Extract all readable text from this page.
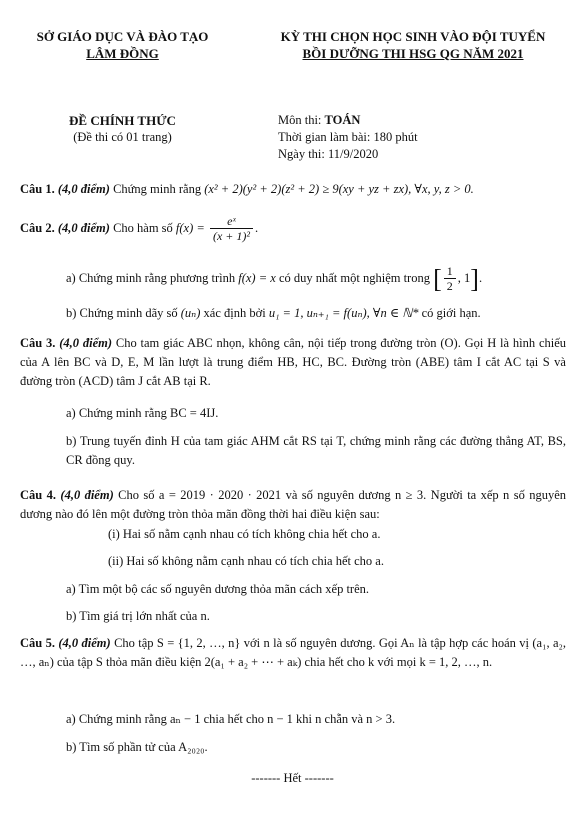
SỞ GIÁO DỤC VÀ ĐÀO TẠO
LÂM ĐỒNG
KỲ THI CHỌN HỌC SINH VÀO ĐỘI TUYỂN
BỒI DƯỠNG THI HSG QG NĂM 2021
ĐỀ CHÍNH THỨC
(Đề thi có 01 trang)
Môn thi: TOÁN
Thời gian làm bài: 180 phút
Ngày thi: 11/9/2020
Câu 1. (4,0 điểm) Chứng minh rằng (x² + 2)(y² + 2)(z² + 2) ≥ 9(xy + yz + zx), ∀x, y, z > 0.
Câu 2. (4,0 điểm) Cho hàm số $f(x) = \frac{\text{eˣ}}{\text{(x + 1)²}}$ .
a) Chứng minh rằng phương trình f(x) = x có duy nhất một nghiệm trong [ $\frac{1}{2}$ , 1].
b) Chứng minh dãy số (uₙ) xác định bởi u₁ = 1, uₙ₊₁ = f(uₙ), ∀n ∈ ℕ* có giới hạn.
Câu 3. (4,0 điểm) Cho tam giác ABC nhọn, không cân, nội tiếp trong đường tròn (O). Gọi H là hình chiếu của A lên BC và D, E, M lần lượt là trung điểm HB, HC, BC. Đường tròn (ABE) tâm I cắt AC tại S và đường tròn (ACD) tâm J cắt AB tại R.
a) Chứng minh rằng BC = 4IJ.
b) Trung tuyến đỉnh H của tam giác AHM cắt RS tại T, chứng minh rằng các đường thẳng AT, BS, CR đồng quy.
Câu 4. (4,0 điểm) Cho số a = 2019 · 2020 · 2021 và số nguyên dương n ≥ 3. Người ta xếp n số nguyên dương nào đó lên một đường tròn thỏa mãn đồng thời hai điều kiện sau:
(i) Hai số nằm cạnh nhau có tích không chia hết cho a.
(ii) Hai số không nằm cạnh nhau có tích chia hết cho a.
a) Tìm một bộ các số nguyên dương thỏa mãn cách xếp trên.
b) Tìm giá trị lớn nhất của n.
Câu 5. (4,0 điểm) Cho tập S = {1, 2, …, n} với n là số nguyên dương. Gọi Aₙ là tập hợp các hoán vị (a₁, a₂, …, aₙ) của tập S thỏa mãn điều kiện 2(a₁ + a₂ + ⋯ + aₖ) chia hết cho k với mọi k = 1, 2, …, n.
a) Chứng minh rằng aₙ − 1 chia hết cho n − 1 khi n chẵn và n > 3.
b) Tìm số phần tử của A₂₀₂₀.
------- Hết -------
